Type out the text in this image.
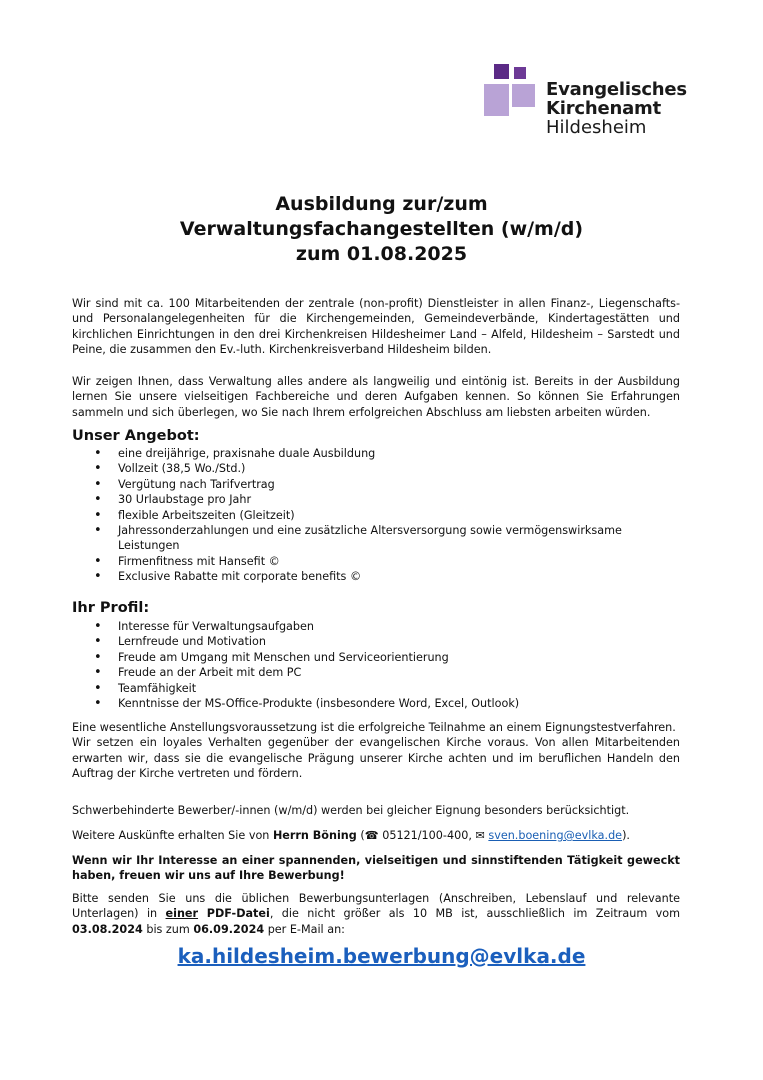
Evangelisches
Kirchenamt
Hildesheim
Ausbildung zur/zum
Verwaltungsfachangestellten (w/m/d)
zum 01.08.2025
Wir sind mit ca. 100 Mitarbeitenden der zentrale (non-profit) Dienstleister in allen Finanz-, Liegenschafts- und Personalangelegenheiten für die Kirchengemeinden, Gemeindeverbände, Kindertagestätten und kirchlichen Einrichtungen in den drei Kirchenkreisen Hildesheimer Land – Alfeld, Hildesheim – Sarstedt und Peine, die zusammen den Ev.-luth. Kirchenkreisverband Hildesheim bilden.
Wir zeigen Ihnen, dass Verwaltung alles andere als langweilig und eintönig ist. Bereits in der Ausbildung lernen Sie unsere vielseitigen Fachbereiche und deren Aufgaben kennen. So können Sie Erfahrungen sammeln und sich überlegen, wo Sie nach Ihrem erfolgreichen Abschluss am liebsten arbeiten würden.
Unser Angebot:
• eine dreijährige, praxisnahe duale Ausbildung
• Vollzeit (38,5 Wo./Std.)
• Vergütung nach Tarifvertrag
• 30 Urlaubstage pro Jahr
• flexible Arbeitszeiten (Gleitzeit)
• Jahressonderzahlungen und eine zusätzliche Altersversorgung sowie vermögenswirksame Leistungen
• Firmenfitness mit Hansefit ©
• Exclusive Rabatte mit corporate benefits ©
Ihr Profil:
• Interesse für Verwaltungsaufgaben
• Lernfreude und Motivation
• Freude am Umgang mit Menschen und Serviceorientierung
• Freude an der Arbeit mit dem PC
• Teamfähigkeit
• Kenntnisse der MS-Office-Produkte (insbesondere Word, Excel, Outlook)
Eine wesentliche Anstellungsvoraussetzung ist die erfolgreiche Teilnahme an einem Eignungstestverfahren.
Wir setzen ein loyales Verhalten gegenüber der evangelischen Kirche voraus. Von allen Mitarbeitenden erwarten wir, dass sie die evangelische Prägung unserer Kirche achten und im beruflichen Handeln den Auftrag der Kirche vertreten und fördern.
Schwerbehinderte Bewerber/-innen (w/m/d) werden bei gleicher Eignung besonders berücksichtigt.
Weitere Auskünfte erhalten Sie von Herrn Böning (☎ 05121/100-400, ✉ sven.boening@evlka.de).
Wenn wir Ihr Interesse an einer spannenden, vielseitigen und sinnstiftenden Tätigkeit geweckt haben, freuen wir uns auf Ihre Bewerbung!
Bitte senden Sie uns die üblichen Bewerbungsunterlagen (Anschreiben, Lebenslauf und relevante Unterlagen) in einer PDF-Datei, die nicht größer als 10 MB ist, ausschließlich im Zeitraum vom 03.08.2024 bis zum 06.09.2024 per E-Mail an:
ka.hildesheim.bewerbung@evlka.de
